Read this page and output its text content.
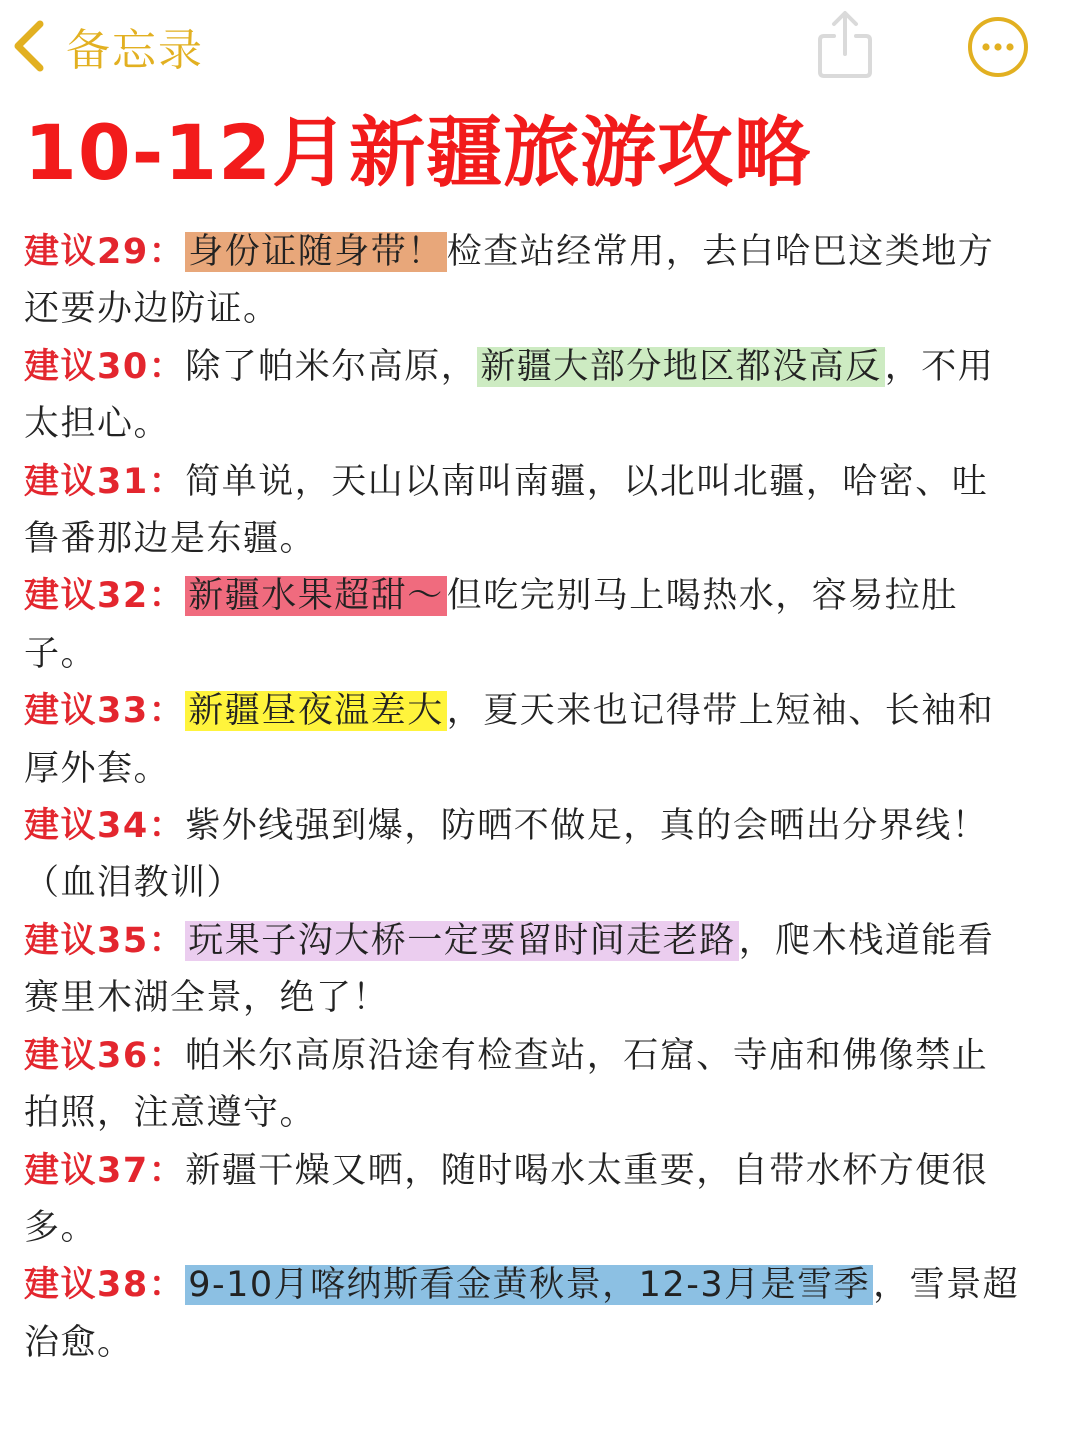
备忘录
10-12月新疆旅游攻略

建议29：身份证随身带！检查站经常用，去白哈巴这类地方还要办边防证。

建议30：除了帕米尔高原，新疆大部分地区都没高反，不用太担心。

建议31：简单说，天山以南叫南疆，以北叫北疆，哈密、吐鲁番那边是东疆。

建议32：新疆水果超甜～但吃完别马上喝热水，容易拉肚子。

建议33：新疆昼夜温差大，夏天来也记得带上短袖、长袖和厚外套。

建议34：紫外线强到爆，防晒不做足，真的会晒出分界线！（血泪教训）

建议35：玩果子沟大桥一定要留时间走老路，爬木栈道能看赛里木湖全景，绝了！

建议36：帕米尔高原沿途有检查站，石窟、寺庙和佛像禁止拍照，注意遵守。

建议37：新疆干燥又晒，随时喝水太重要，自带水杯方便很多。

建议38：9-10月喀纳斯看金黄秋景，12-3月是雪季，雪景超治愈。
